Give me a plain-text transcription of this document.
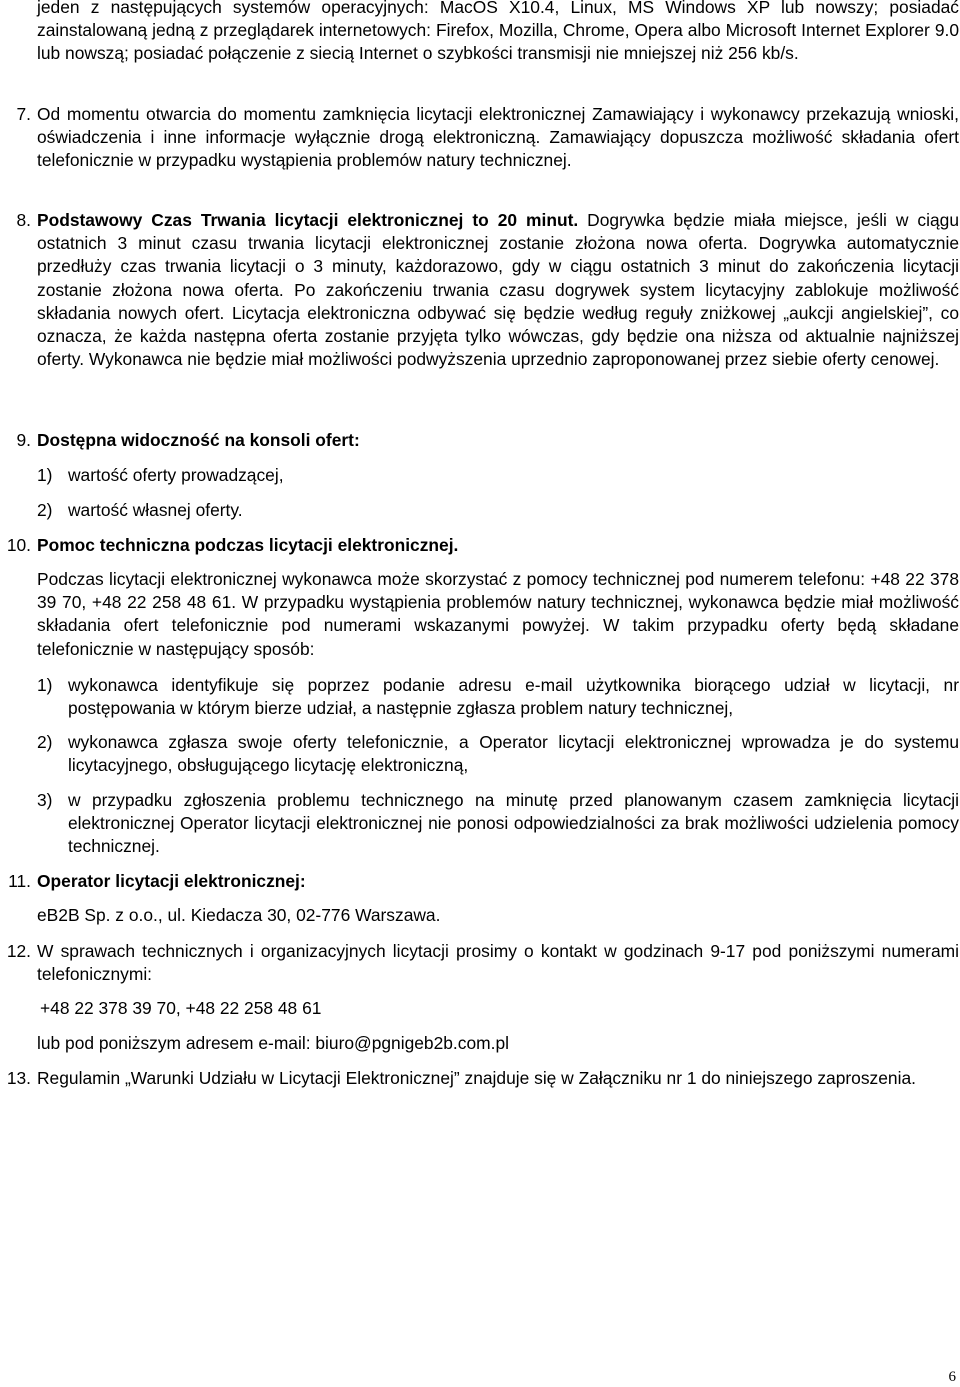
jeden z następujących systemów operacyjnych: MacOS X10.4, Linux, MS Windows XP lub nowszy; posiadać zainstalowaną jedną z przeglądarek internetowych: Firefox, Mozilla, Chrome, Opera albo Microsoft Internet Explorer 9.0 lub nowszą; posiadać połączenie z siecią Internet o szybkości transmisji nie mniejszej niż 256 kb/s.

7. Od momentu otwarcia do momentu zamknięcia licytacji elektronicznej Zamawiający i wykonawcy przekazują wnioski, oświadczenia i inne informacje wyłącznie drogą elektroniczną. Zamawiający dopuszcza możliwość składania ofert telefonicznie w przypadku wystąpienia problemów natury technicznej.
8. Podstawowy Czas Trwania licytacji elektronicznej to 20 minut. Dogrywka będzie miała miejsce, jeśli w ciągu ostatnich 3 minut czasu trwania licytacji elektronicznej zostanie złożona nowa oferta. Dogrywka automatycznie przedłuży czas trwania licytacji o 3 minuty, każdorazowo, gdy w ciągu ostatnich 3 minut do zakończenia licytacji zostanie złożona nowa oferta. Po zakończeniu trwania czasu dogrywek system licytacyjny zablokuje możliwość składania nowych ofert. Licytacja elektroniczna odbywać się będzie według reguły zniżkowej „aukcji angielskiej”, co oznacza, że każda następna oferta zostanie przyjęta tylko wówczas, gdy będzie ona niższa od aktualnie najniższej oferty. Wykonawca nie będzie miał możliwości podwyższenia uprzednio zaproponowanej przez siebie oferty cenowej.
9. Dostępna widoczność na konsoli ofert:
1) wartość oferty prowadzącej,
2) wartość własnej oferty.
10. Pomoc techniczna podczas licytacji elektronicznej.

Podczas licytacji elektronicznej wykonawca może skorzystać z pomocy technicznej pod numerem telefonu: +48 22 378 39 70, +48 22 258 48 61. W przypadku wystąpienia problemów natury technicznej, wykonawca będzie miał możliwość składania ofert telefonicznie pod numerami wskazanymi powyżej. W takim przypadku oferty będą składane telefonicznie w następujący sposób:

1) wykonawca identyfikuje się poprzez podanie adresu e-mail użytkownika biorącego udział w licytacji, nr postępowania w którym bierze udział, a następnie zgłasza problem natury technicznej,
2) wykonawca zgłasza swoje oferty telefonicznie, a Operator licytacji elektronicznej wprowadza je do systemu licytacyjnego, obsługującego licytację elektroniczną,
3) w przypadku zgłoszenia problemu technicznego na minutę przed planowanym czasem zamknięcia licytacji elektronicznej Operator licytacji elektronicznej nie ponosi odpowiedzialności za brak możliwości udzielenia pomocy technicznej.
11. Operator licytacji elektronicznej:

eB2B Sp. z o.o., ul. Kiedacza 30, 02-776 Warszawa.

12. W sprawach technicznych i organizacyjnych licytacji prosimy o kontakt w godzinach 9-17 pod poniższymi numerami telefonicznymi:

+48 22 378 39 70, +48 22 258 48 61

lub pod poniższym adresem e-mail: biuro@pgnigeb2b.com.pl

13. Regulamin „Warunki Udziału w Licytacji Elektronicznej” znajduje się w Załączniku nr 1 do niniejszego zaproszenia.
6
